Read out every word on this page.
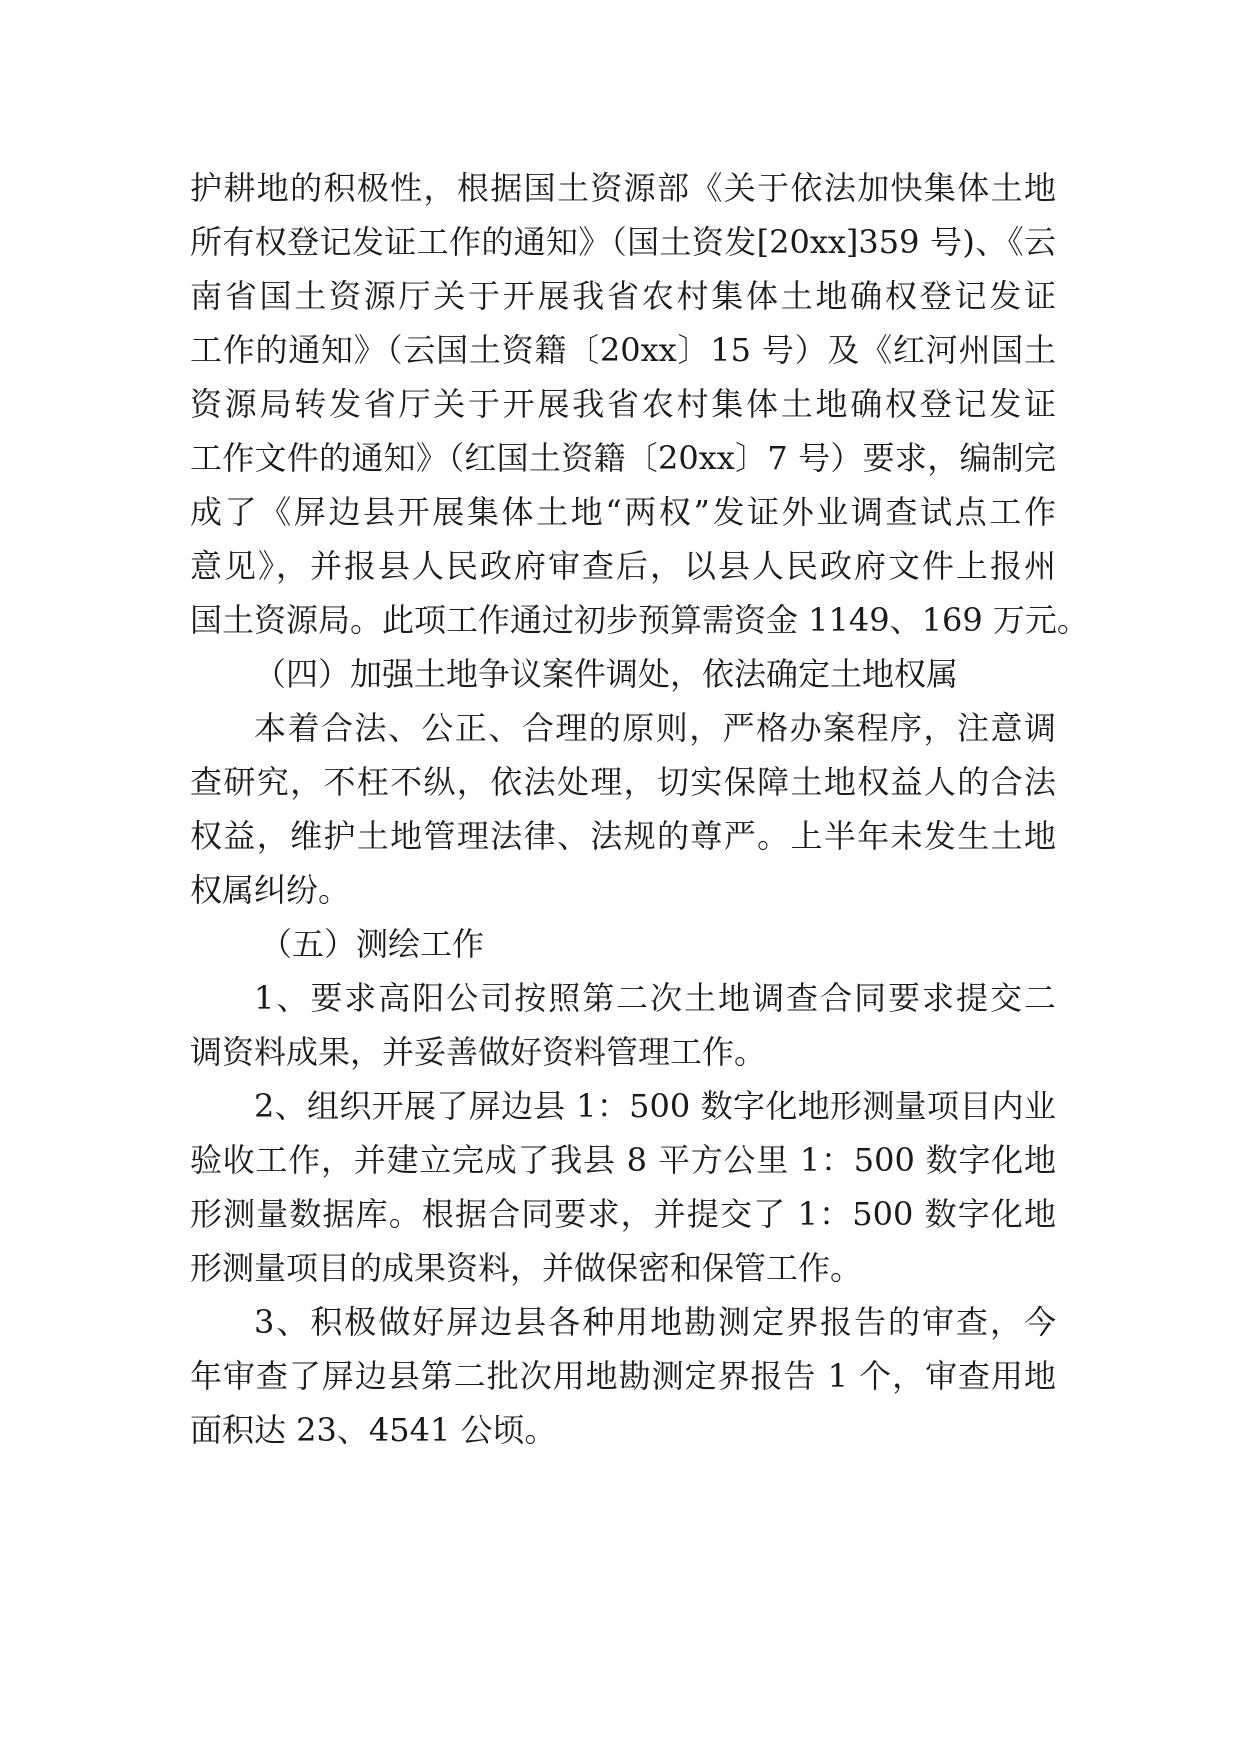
护耕地的积极性，根据国土资源部《关于依法加快集体土地
所有权登记发证工作的通知》（国土资发[20xx]359 号)、《云
南省国土资源厅关于开展我省农村集体土地确权登记发证
工作的通知》（云国土资籍〔20xx〕15 号）及《红河州国土
资源局转发省厅关于开展我省农村集体土地确权登记发证
工作文件的通知》（红国土资籍〔20xx〕7 号）要求，编制完
成了《屏边县开展集体土地“两权”发证外业调查试点工作
意见》，并报县人民政府审查后，以县人民政府文件上报州
国土资源局。此项工作通过初步预算需资金 1149、169 万元。
（四）加强土地争议案件调处，依法确定土地权属
本着合法、公正、合理的原则，严格办案程序，注意调
查研究，不枉不纵，依法处理，切实保障土地权益人的合法
权益，维护土地管理法律、法规的尊严。上半年未发生土地
权属纠纷。
（五）测绘工作
1、要求高阳公司按照第二次土地调查合同要求提交二
调资料成果，并妥善做好资料管理工作。
2、组织开展了屏边县 1：500 数字化地形测量项目内业
验收工作，并建立完成了我县 8 平方公里 1：500 数字化地
形测量数据库。根据合同要求，并提交了 1：500 数字化地
形测量项目的成果资料，并做保密和保管工作。
3、积极做好屏边县各种用地勘测定界报告的审查，今
年审查了屏边县第二批次用地勘测定界报告 1 个，审查用地
面积达 23、4541 公顷。
